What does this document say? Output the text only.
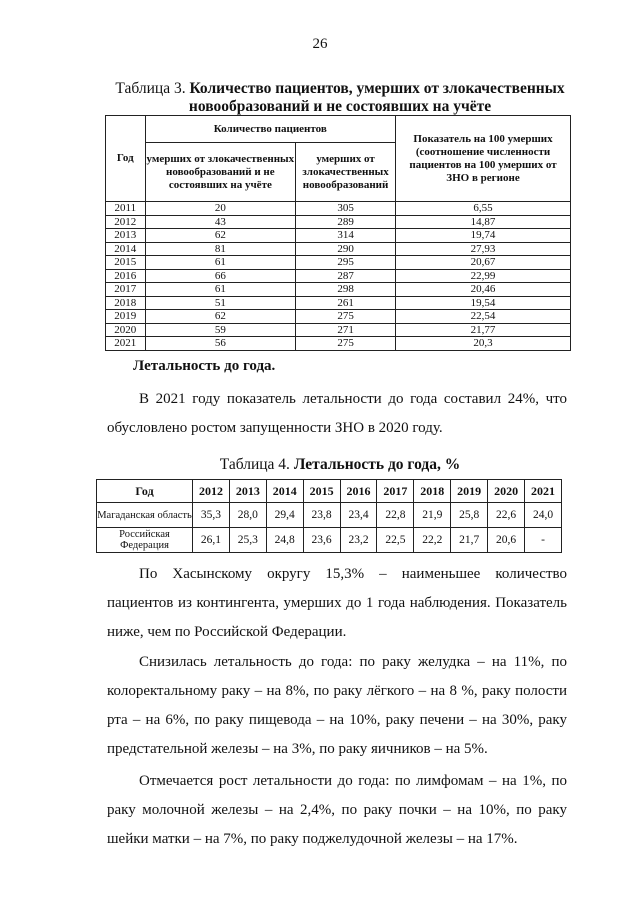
26
Таблица 3. Количество пациентов, умерших от злокачественных новообразований и не состоявших на учёте
Год	Количество пациентов		Показатель на 100 умерших (соотношение численности пациентов на 100 умерших от ЗНО в регионе
	умерших от злокачественных новообразований и не состоявших на учёте	умерших от злокачественных новообразований	
2011	20	305	6,55
2012	43	289	14,87
2013	62	314	19,74
2014	81	290	27,93
2015	61	295	20,67
2016	66	287	22,99
2017	61	298	20,46
2018	51	261	19,54
2019	62	275	22,54
2020	59	271	21,77
2021	56	275	20,3
Летальность до года.
В 2021 году показатель летальности до года составил 24%, что обусловлено ростом запущенности ЗНО в 2020 году.
Таблица 4. Летальность до года, %
Год	2012	2013	2014	2015	2016	2017	2018	2019	2020	2021
Магаданская область	35,3	28,0	29,4	23,8	23,4	22,8	21,9	25,8	22,6	24,0
Российская Федерация	26,1	25,3	24,8	23,6	23,2	22,5	22,2	21,7	20,6	-
По Хасынскому округу 15,3% – наименьшее количество пациентов из контингента, умерших до 1 года наблюдения. Показатель ниже, чем по Российской Федерации.
Снизилась летальность до года: по раку желудка – на 11%, по колоректальному раку – на 8%, по раку лёгкого – на 8 %, раку полости рта – на 6%, по раку пищевода – на 10%, раку печени – на 30%, раку предстательной железы – на 3%, по раку яичников – на 5%.
Отмечается рост летальности до года: по лимфомам – на 1%, по раку молочной железы – на 2,4%, по раку почки – на 10%, по раку шейки матки – на 7%, по раку поджелудочной железы – на 17%.
